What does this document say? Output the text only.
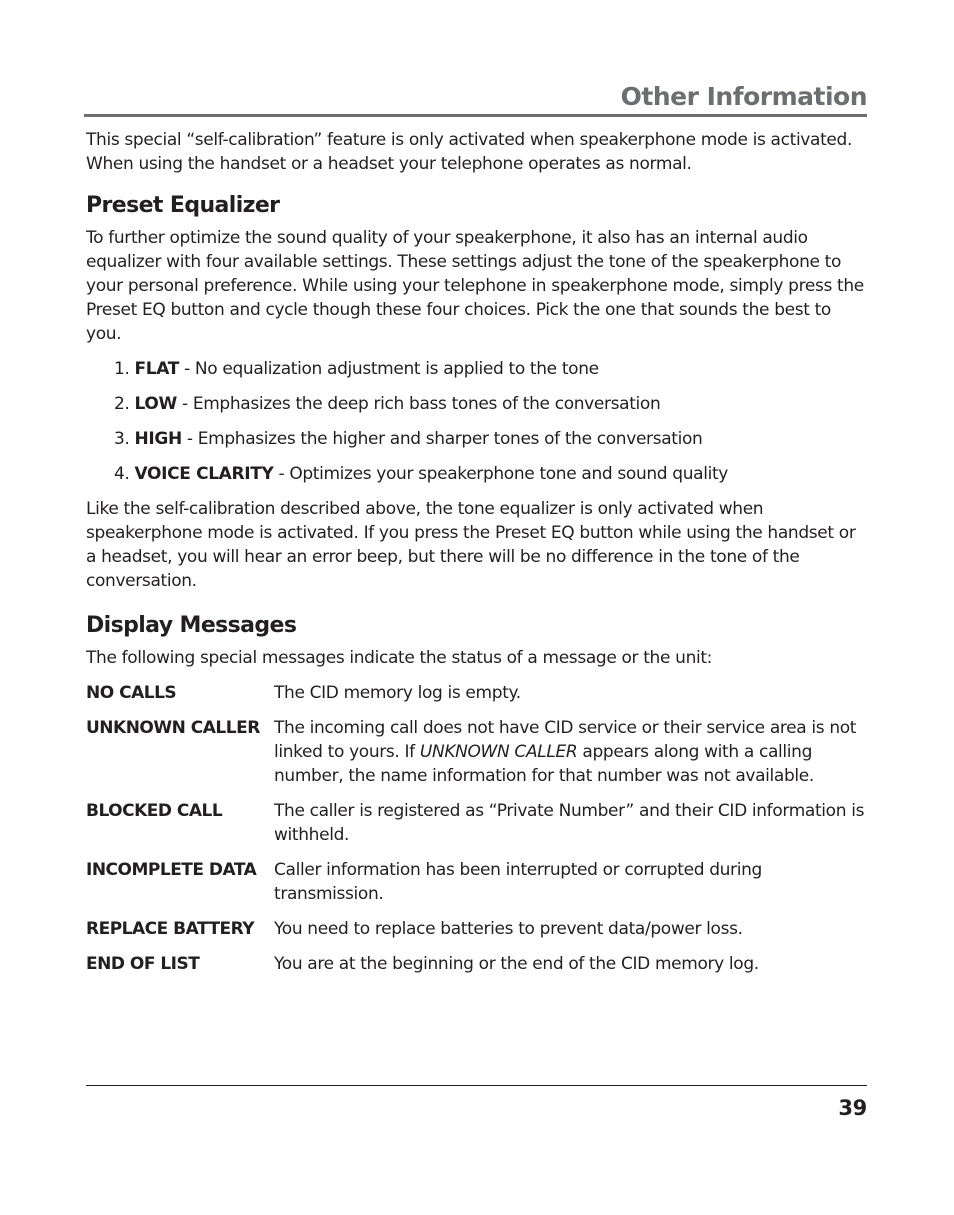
Other Information

This special “self-calibration” feature is only activated when speakerphone mode is activated. When using the handset or a headset your telephone operates as normal.

Preset Equalizer

To further optimize the sound quality of your speakerphone, it also has an internal audio equalizer with four available settings. These settings adjust the tone of the speakerphone to your personal preference. While using your telephone in speakerphone mode, simply press the Preset EQ button and cycle though these four choices. Pick the one that sounds the best to you.

1. FLAT - No equalization adjustment is applied to the tone
2. LOW - Emphasizes the deep rich bass tones of the conversation
3. HIGH - Emphasizes the higher and sharper tones of the conversation
4. VOICE CLARITY - Optimizes your speakerphone tone and sound quality

Like the self-calibration described above, the tone equalizer is only activated when speakerphone mode is activated. If you press the Preset EQ button while using the handset or a headset, you will hear an error beep, but there will be no difference in the tone of the conversation.

Display Messages

The following special messages indicate the status of a message or the unit:

NO CALLS	The CID memory log is empty.
UNKNOWN CALLER The incoming call does not have CID service or their service area is not linked to yours. If UNKNOWN CALLER appears along with a calling number, the name information for that number was not available.
BLOCKED CALL	The caller is registered as “Private Number” and their CID information is withheld.
INCOMPLETE DATA	Caller information has been interrupted or corrupted during transmission.
REPLACE BATTERY	You need to replace batteries to prevent data/power loss.
END OF LIST	You are at the beginning or the end of the CID memory log.
39
